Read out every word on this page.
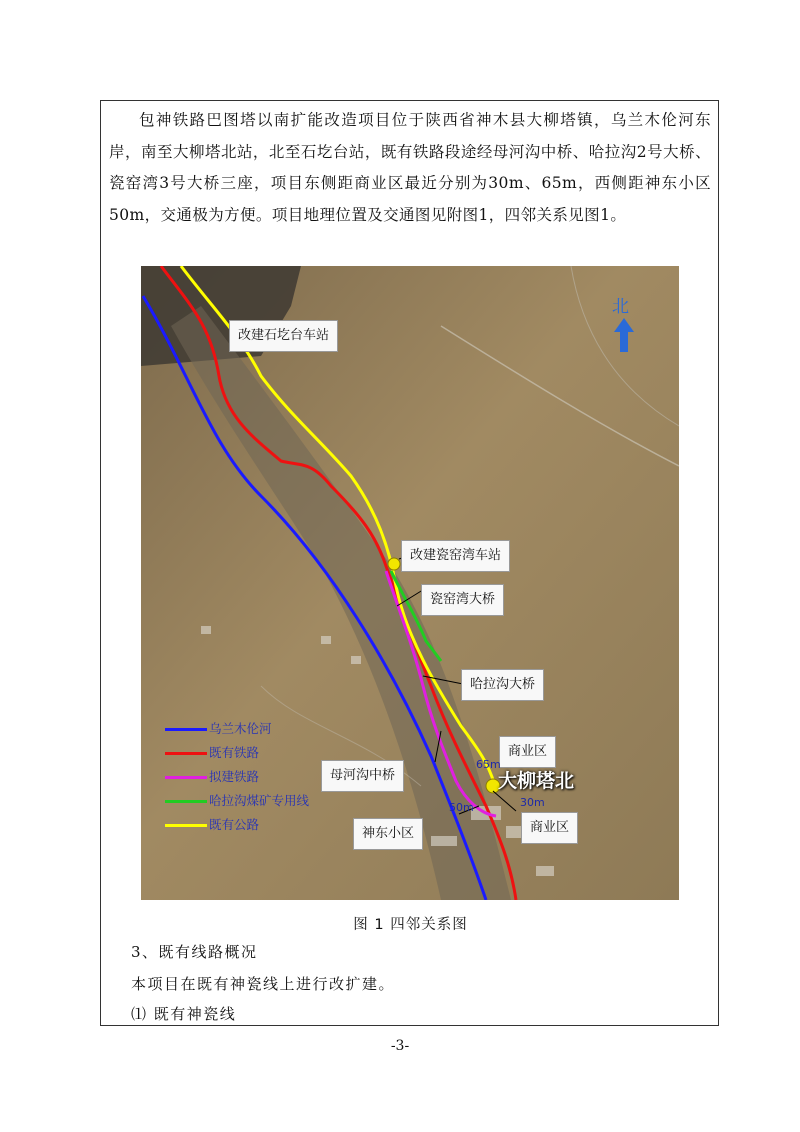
包神铁路巴图塔以南扩能改造项目位于陕西省神木县大柳塔镇，乌兰木伦河东岸，南至大柳塔北站，北至石圪台站，既有铁路段途经母河沟中桥、哈拉沟2号大桥、瓷窑湾3号大桥三座，项目东侧距商业区最近分别为30m、65m，西侧距神东小区50m，交通极为方便。项目地理位置及交通图见附图1，四邻关系见图1。

北
改建石圪台车站
改建瓷窑湾车站
瓷窑湾大桥
哈拉沟大桥
母河沟中桥
商业区
商业区
神东小区
大柳塔北
65m
50m	30m
乌兰木伦河
既有铁路
拟建铁路
哈拉沟煤矿专用线
既有公路
图 1 四邻关系图
3、既有线路概况
本项目在既有神瓷线上进行改扩建。
⑴ 既有神瓷线
-3-
